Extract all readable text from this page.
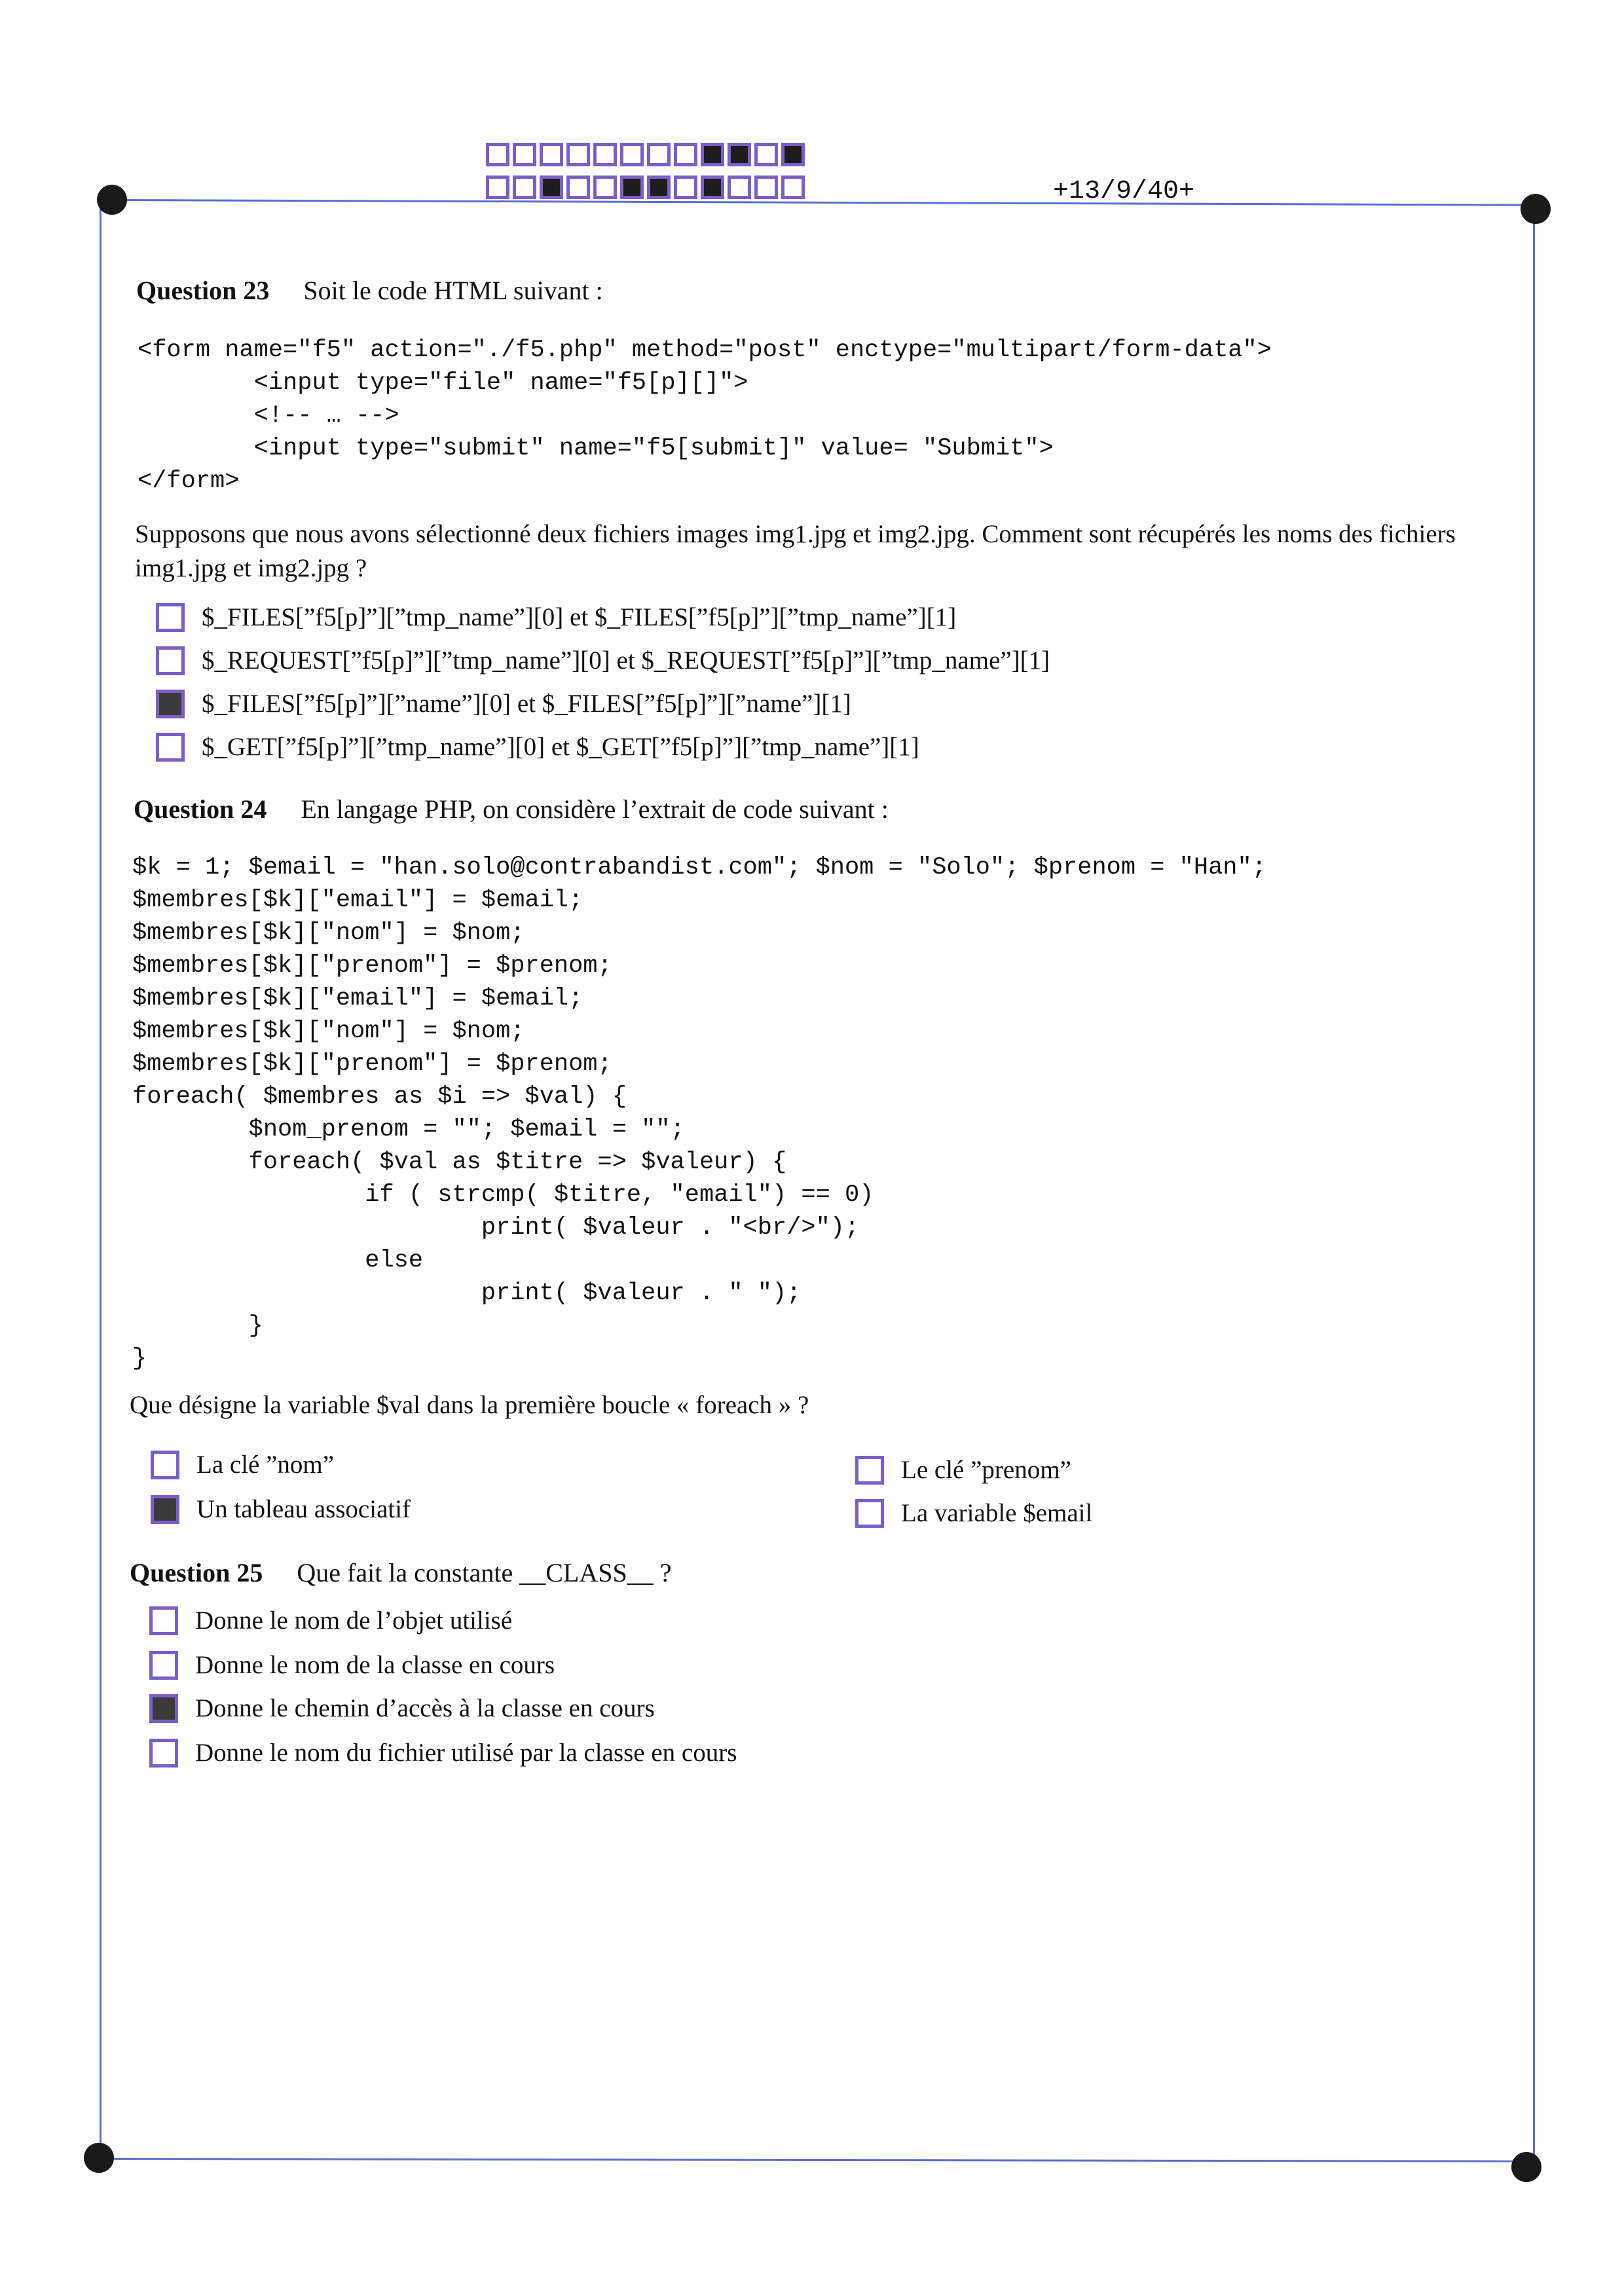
+13/9/40+
Question 23 Soit le code HTML suivant :
<form name="f5" action="./f5.php" method="post" enctype="multipart/form-data">
<input type="file" name="f5[p][]">
<!-- … -->
<input type="submit" name="f5[submit]" value= "Submit">
</form>
Supposons que nous avons sélectionné deux fichiers images img1.jpg et img2.jpg. Comment sont récupérés les noms des fichiers img1.jpg et img2.jpg ?
$_FILES[”f5[p]”][”tmp_name”][0] et $_FILES[”f5[p]”][”tmp_name”][1]
$_REQUEST[”f5[p]”][”tmp_name”][0] et $_REQUEST[”f5[p]”][”tmp_name”][1]
$_FILES[”f5[p]”][”name”][0] et $_FILES[”f5[p]”][”name”][1]
$_GET[”f5[p]”][”tmp_name”][0] et $_GET[”f5[p]”][”tmp_name”][1]
Question 24 En langage PHP, on considère l’extrait de code suivant :
$k = 1; $email = "han.solo@contrabandist.com"; $nom = "Solo"; $prenom = "Han";
$membres[$k]["email"] = $email;
$membres[$k]["nom"] = $nom;
$membres[$k]["prenom"] = $prenom;
$membres[$k]["email"] = $email;
$membres[$k]["nom"] = $nom;
$membres[$k]["prenom"] = $prenom;
foreach( $membres as $i => $val) {
$nom_prenom = ""; $email = "";
foreach( $val as $titre => $valeur) {
if ( strcmp( $titre, "email") == 0)
print( $valeur . "<br/>");
else
print( $valeur . " ");
}
}
Que désigne la variable $val dans la première boucle « foreach » ?
La clé ”nom”
Un tableau associatif
Le clé ”prenom”
La variable $email
Question 25 Que fait la constante __CLASS__ ?
Donne le nom de l’objet utilisé
Donne le nom de la classe en cours
Donne le chemin d’accès à la classe en cours
Donne le nom du fichier utilisé par la classe en cours
